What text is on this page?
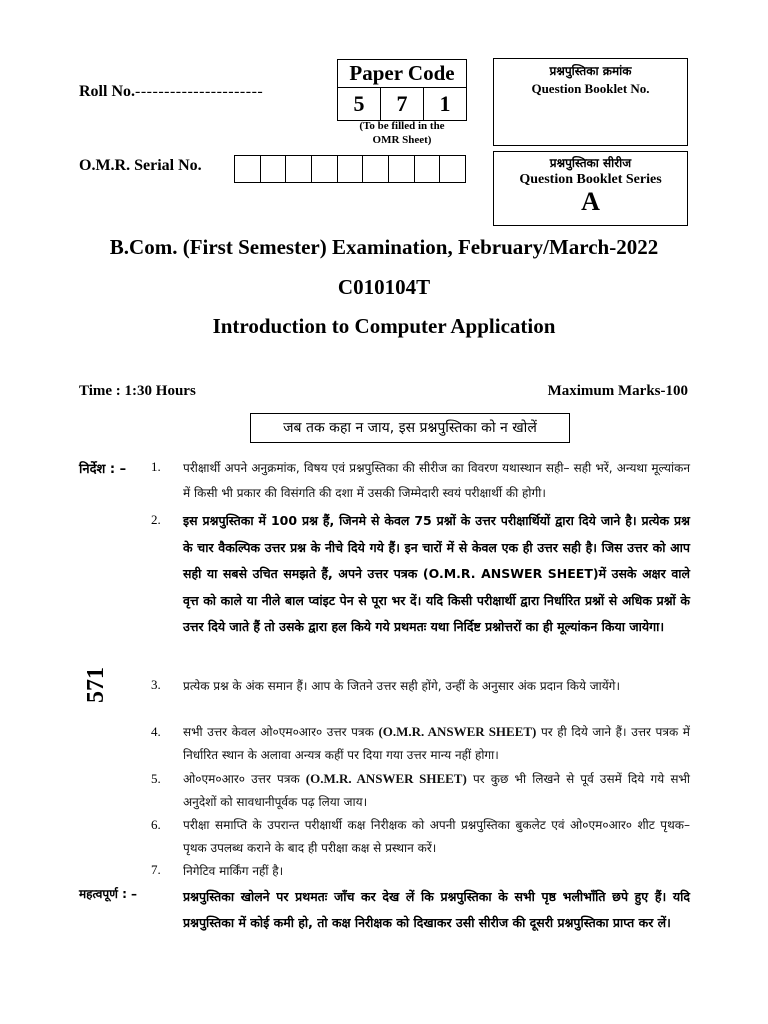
Roll No.----------------------
Paper Code
5	7	1
(To be filled in the
OMR Sheet)
प्रश्नपुस्तिका क्रमांक
Question Booklet No.
प्रश्नपुस्तिका सीरीज
Question Booklet Series
A
O.M.R. Serial No.
B.Com. (First Semester) Examination, February/March-2022
C010104T
Introduction to Computer Application
Time : 1:30 Hours	Maximum Marks-100
जब तक कहा न जाय, इस प्रश्नपुस्तिका को न खोलें
571
निर्देश : – 1. परीक्षार्थी अपने अनुक्रमांक, विषय एवं प्रश्नपुस्तिका की सीरीज का विवरण यथास्थान सही– सही भरें, अन्यथा मूल्यांकन में किसी भी प्रकार की विसंगति की दशा में उसकी जिम्मेदारी स्वयं परीक्षार्थी की होगी।
2. इस प्रश्नपुस्तिका में 100 प्रश्न हैं, जिनमे से केवल 75 प्रश्नों के उत्तर परीक्षार्थियों द्वारा दिये जाने है। प्रत्येक प्रश्न के चार वैकल्पिक उत्तर प्रश्न के नीचे दिये गये हैं। इन चारों में से केवल एक ही उत्तर सही है। जिस उत्तर को आप सही या सबसे उचित समझते हैं, अपने उत्तर पत्रक (O.M.R. ANSWER SHEET)में उसके अक्षर वाले वृत्त को काले या नीले बाल प्वांइट पेन से पूरा भर दें। यदि किसी परीक्षार्थी द्वारा निर्धारित प्रश्नों से अधिक प्रश्नों के उत्तर दिये जाते हैं तो उसके द्वारा हल किये गये प्रथमतः यथा निर्दिष्ट प्रश्नोत्तरों का ही मूल्यांकन किया जायेगा।
3. प्रत्येक प्रश्न के अंक समान हैं। आप के जितने उत्तर सही होंगे, उन्हीं के अनुसार अंक प्रदान किये जायेंगे।
4. सभी उत्तर केवल ओ०एम०आर० उत्तर पत्रक (O.M.R. ANSWER SHEET) पर ही दिये जाने हैं। उत्तर पत्रक में निर्धारित स्थान के अलावा अन्यत्र कहीं पर दिया गया उत्तर मान्य नहीं होगा।
5. ओ०एम०आर० उत्तर पत्रक (O.M.R. ANSWER SHEET) पर कुछ भी लिखने से पूर्व उसमें दिये गये सभी अनुदेशों को सावधानीपूर्वक पढ़ लिया जाय।
6. परीक्षा समाप्ति के उपरान्त परीक्षार्थी कक्ष निरीक्षक को अपनी प्रश्नपुस्तिका बुकलेट एवं ओ०एम०आर० शीट पृथक–पृथक उपलब्ध कराने के बाद ही परीक्षा कक्ष से प्रस्थान करें।
7. निगेटिव मार्किंग नहीं है।
महत्वपूर्ण : –	प्रश्नपुस्तिका खोलने पर प्रथमतः जाँच कर देख लें कि प्रश्नपुस्तिका के सभी पृष्ठ भलीभाँति छपे हुए हैं। यदि प्रश्नपुस्तिका में कोई कमी हो, तो कक्ष निरीक्षक को दिखाकर उसी सीरीज की दूसरी प्रश्नपुस्तिका प्राप्त कर लें।
